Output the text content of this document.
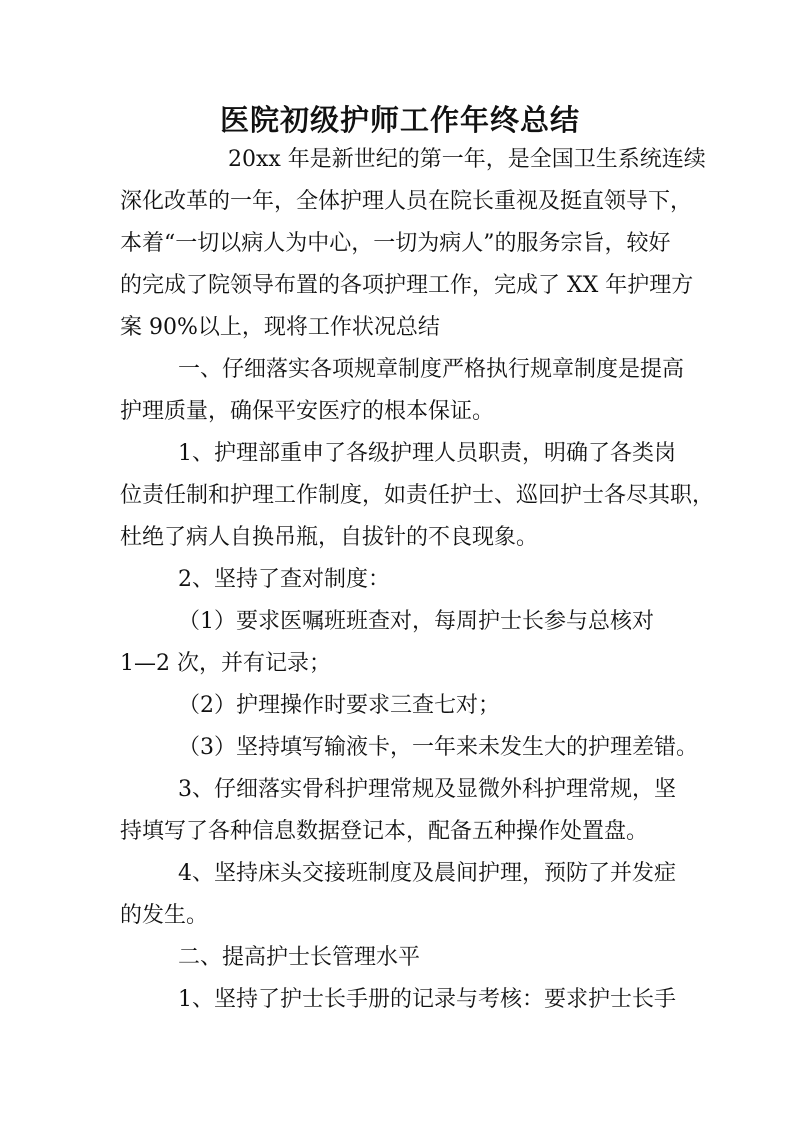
医院初级护师工作年终总结
20xx 年是新世纪的第一年，是全国卫生系统连续
深化改革的一年，全体护理人员在院长重视及挺直领导下，
本着“一切以病人为中心，一切为病人”的服务宗旨，较好
的完成了院领导布置的各项护理工作，完成了 XX 年护理方
案 90%以上，现将工作状况总结
一、仔细落实各项规章制度严格执行规章制度是提高
护理质量，确保平安医疗的根本保证。
1、护理部重申了各级护理人员职责，明确了各类岗
位责任制和护理工作制度，如责任护士、巡回护士各尽其职，
杜绝了病人自换吊瓶，自拔针的不良现象。
2、坚持了查对制度：
（1）要求医嘱班班查对，每周护士长参与总核对
1—2 次，并有记录；
（2）护理操作时要求三查七对；
（3）坚持填写输液卡，一年来未发生大的护理差错。
3、仔细落实骨科护理常规及显微外科护理常规，坚
持填写了各种信息数据登记本，配备五种操作处置盘。
4、坚持床头交接班制度及晨间护理，预防了并发症
的发生。
二、提高护士长管理水平
1、坚持了护士长手册的记录与考核：要求护士长手
